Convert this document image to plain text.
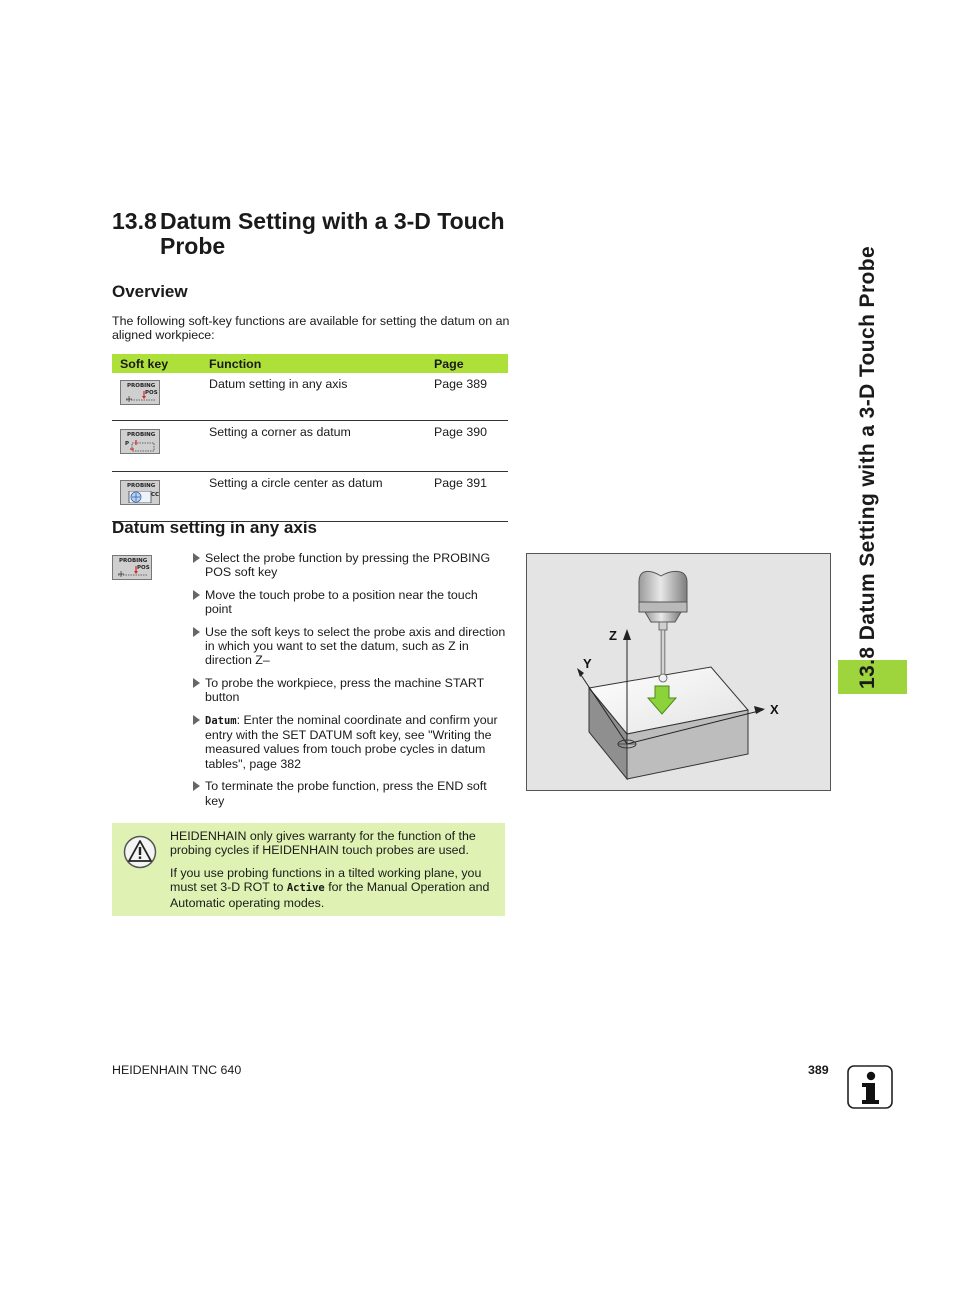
13.8 Datum Setting with a 3-D Touch
Probe
Overview

The following soft-key functions are available for setting the datum on an aligned workpiece:

Soft key	Function	Page

PROBING
POS	Datum setting in any axis	Page 389

PROBING
P	Setting a corner as datum	Page 390

PROBING
CC	Setting a circle center as datum	Page 391
Datum setting in any axis
PROBING
POS
Select the probe function by pressing the PROBING POS soft key
Move the touch probe to a position near the touch point
Use the soft keys to select the probe axis and direction in which you want to set the datum, such as Z in direction Z–
To probe the workpiece, press the machine START button
Datum: Enter the nominal coordinate and confirm your entry with the SET DATUM soft key, see "Writing the measured values from touch probe cycles in datum tables", page 382
To terminate the probe function, press the END soft key
Z
Y
X

HEIDENHAIN only gives warranty for the function of the probing cycles if HEIDENHAIN touch probes are used.

If you use probing functions in a tilted working plane, you must set 3-D ROT to Active for the Manual Operation and Automatic operating modes.

13.8 Datum Setting with a 3-D Touch Probe
HEIDENHAIN TNC 640	389
